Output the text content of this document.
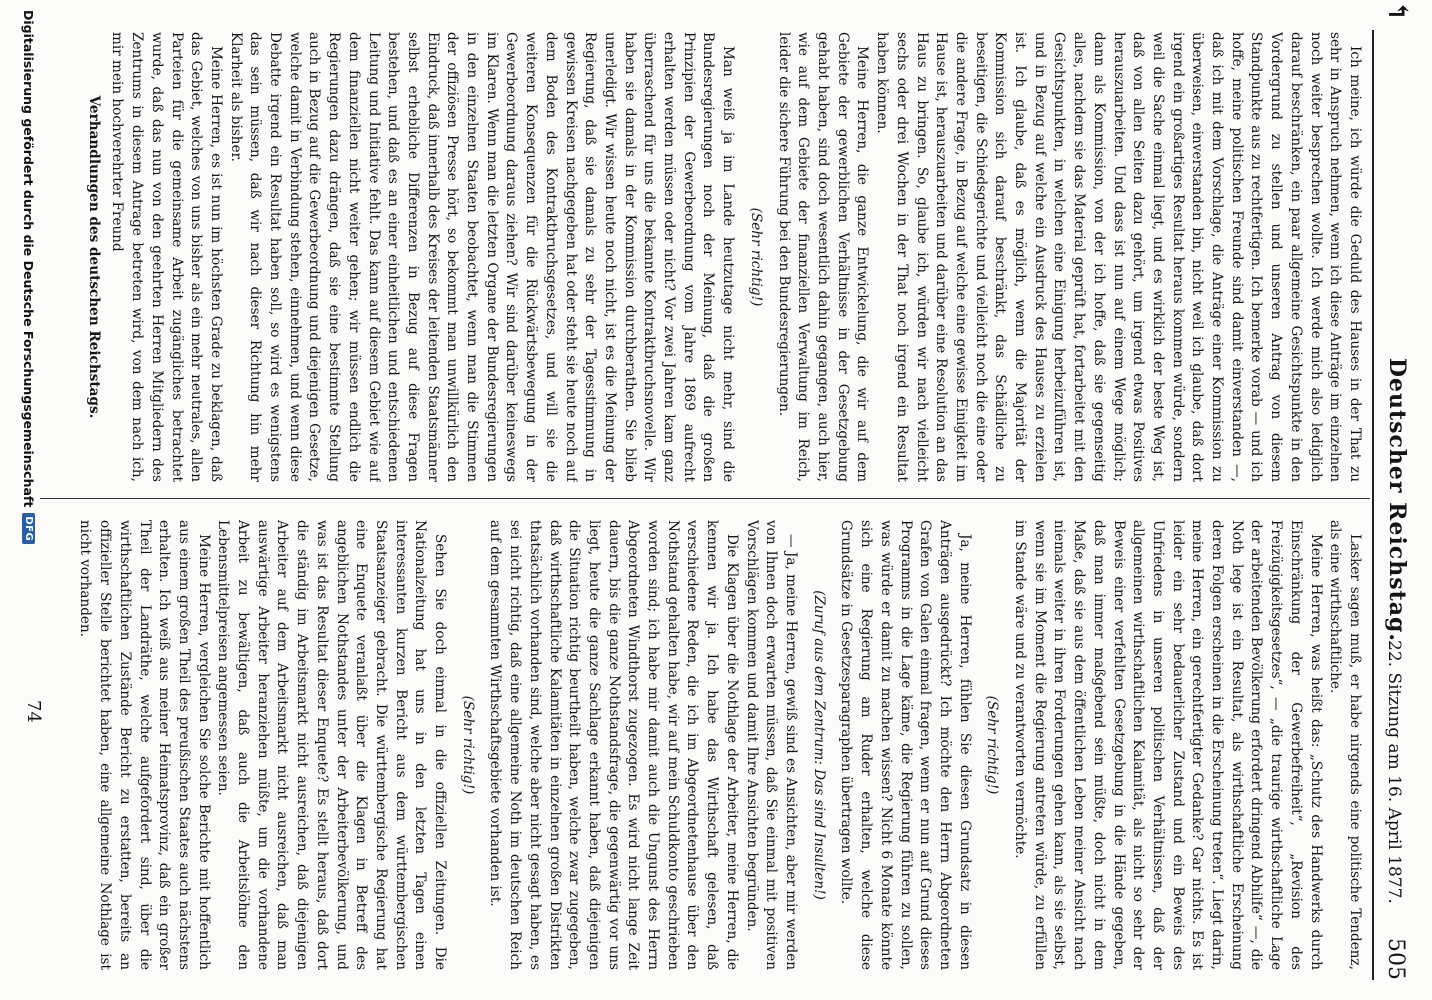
↰
Deutscher Reichstag.
22. Sitzung am 16. April 1877.
505

Ich meine, ich würde die Geduld des Hauses in der That zu sehr in Anspruch nehmen, wenn ich diese Anträge im einzelnen noch weiter besprechen wollte. Ich werde mich also lediglich darauf beschränken, ein paar allgemeine Gesichtspunkte in den Vordergrund zu stellen und unseren Antrag von diesem Standpunkte aus zu rechtfertigen. Ich bemerke vorab — und ich hoffe, meine politischen Freunde sind damit einverstanden —, daß ich mit dem Vorschlage, die Anträge einer Kommission zu überweisen, einverstanden bin, nicht weil ich glaube, daß dort irgend ein großartiges Resultat heraus kommen würde, sondern weil die Sache einmal liegt, und es wirklich der beste Weg ist, daß von allen Seiten dazu gehört, um irgend etwas Positives herauszuarbeiten. Und dass ist nun auf einem Wege möglich; dann als Kommission, von der ich hoffe, daß sie gegenseitig alles, nachdem sie das Material geprüft hat, fortarbeitet mit den Gesichtspunkten, in welchen eine Einigung herbeizuführen ist, und in Bezug auf welche ein Ausdruck des Hauses zu erzielen ist. Ich glaube, daß es möglich, wenn die Majorität der Kommission sich darauf beschränkt, das Schädliche zu beseitigen, die Schiedsgerichte und vielleicht noch die eine oder die andere Frage, in Bezug auf welche eine gewisse Einigkeit im Hause ist, herauszuarbeiten und darüber eine Resolution an das Haus zu bringen. So, glaube ich, würden wir nach vielleicht sechs oder drei Wochen in der That noch irgend ein Resultat haben können.

Meine Herren, die ganze Entwickelung, die wir auf dem Gebiete der gewerblichen Verhältnisse in der Gesetzgebung gehabt haben, sind doch wesentlich dahin gegangen, auch hier, wie auf dem Gebiete der finanziellen Verwaltung im Reich, leider die sichere Führung bei den Bundesregierungen.

(Sehr richtig!)

Man weiß ja im Lande heutzutage nicht mehr, sind die Bundesregierungen noch der Meinung, daß die großen Prinzipien der Gewerbeordnung vom Jahre 1869 aufrecht erhalten werden müssen oder nicht? Vor zwei Jahren kam ganz überraschend für uns die bekannte Kontraktbruchsnovelle. Wir haben sie damals in der Kommission durchberathen. Sie blieb unerledigt. Wir wissen heute noch nicht, ist es die Meinung der Regierung, daß sie damals zu sehr der Tagesstimmung in gewissen Kreisen nachgegeben hat oder steht sie heute noch auf dem Boden des Kontraktbruchsgesetzes, und will sie die weiteren Konsequenzen für die Rückwärtsbewegung in der Gewerbeordnung daraus ziehen? Wir sind darüber keineswegs im Klaren. Wenn man die letzten Organe der Bundesregierungen in den einzelnen Staaten beobachtet, wenn man die Stimmen der offiziösen Presse hört, so bekommt man unwillkürlich den Eindruck, daß innerhalb des Kreises der leitenden Staatsmänner selbst erhebliche Differenzen in Bezug auf diese Fragen bestehen, und daß es an einer einheitlichen und entschiedenen Leitung und Initiative fehlt. Das kann auf diesem Gebiet wie auf dem finanziellen nicht weiter gehen; wir müssen endlich die Regierungen dazu drängen, daß sie eine bestimmte Stellung auch in Bezug auf die Gewerbeordnung und diejenigen Gesetze, welche damit in Verbindung stehen, einnehmen, und wenn diese Debatte irgend ein Resultat haben soll, so wird es wenigstens das sein müssen, daß wir nach dieser Richtung hin mehr Klarheit als bisher.

Meine Herren, es ist nun im höchsten Grade zu beklagen, daß das Gebiet, welches von uns bisher als ein mehr neutrales, allen Parteien für die gemeinsame Arbeit zugängliches betrachtet wurde, daß das nun von den geehrten Herren Mitgliedern des Zentrums in diesem Antrage betreten wird, von dem nach ich, mir mein hochverehrter Freund

Verhandlungen des deutschen Reichstags.

Lasker sagen muß, er habe nirgends eine politische Tendenz, als eine wirthschaftliche.

Meine Herren, was heißt das: „Schutz des Handwerks durch Einschränkung der Gewerbefreiheit“, „Revision des Freizügigkeitsgesetzes“, — „die traurige wirthschaftliche Lage der arbeitenden Bevölkerung erfordert dringend Abhilfe“ —, die Noth lege ist ein Resultat, als wirthschaftliche Erscheinung deren Folgen erscheinen in die Erscheinung treten“. Liegt darin, meine Herren, ein gerechtfertigter Gedanke? Gar nichts. Es ist leider ein sehr bedauerlicher Zustand und ein Beweis des Unfriedens in unseren politischen Verhältnissen, daß der allgemeinen wirthschaftlichen Kalamität, als nicht so sehr der Beweis einer verfehlten Gesetzgebung in die Hände gegeben, daß man immer maßgebend sein müßte, doch nicht in dem Maße, daß sie aus dem öffentlichen Leben meiner Ansicht nach niemals weiter in ihren Forderungen gehen kann, als sie selbst, wenn sie im Moment die Regierung antreten würde, zu erfüllen im Stande wäre und zu verantworten vermöchte.

(Sehr richtig!)

Ja, meine Herren, fühlen Sie diesen Grundsatz in diesen Anträgen ausgedrückt? Ich möchte den Herrn Abgeordneten Grafen von Galen einmal fragen, wenn er nun auf Grund dieses Programms in die Lage käme, die Regierung führen zu sollen, was würde er damit zu machen wissen? Nicht 6 Monate könnte sich eine Regierung am Ruder erhalten, welche diese Grundsätze in Gesetzesparagraphen übertragen wollte.

(Zuruf aus dem Zentrum: Das sind Insulten!)

— Ja, meine Herren, gewiß sind es Ansichten, aber mir werden von Ihnen doch erwarten müssen, daß Sie einmal mit positiven Vorschlägen kommen und damit Ihre Ansichten begründen.

Die Klagen über die Nothlage der Arbeiter, meine Herren, die kennen wir ja. Ich habe das Wirthschaft gelesen, daß verschiedene Reden, die ich im Abgeordnetenhause über den Nothstand gehalten habe, wir auf mein Schuldkonto geschrieben worden sind; ich habe mir damit auch die Ungunst des Herrn Abgeordneten Windthorst zugezogen. Es wird nicht lange Zeit dauern, bis die ganze Nothstandsfrage, die gegenwärtig vor uns liegt, heute die ganze Sachlage erkannt haben, daß diejenigen die Situation richtig beurtheilt haben, welche zwar zugegeben, daß wirthschaftliche Kalamitäten in einzelnen großen Distrikten thatsächlich vorhanden sind, welche aber nicht gesagt haben, es sei nicht richtig, daß eine allgemeine Noth im deutschen Reich auf dem gesammten Wirthschaftsgebiete vorhanden ist.

(Sehr richtig!)

Sehen Sie doch einmal in die offiziellen Zeitungen. Die Nationalzeitung hat uns in den letzten Tagen einen interessanten kurzen Bericht aus dem württembergischen Staatsanzeiger gebracht. Die württembergische Regierung hat eine Enquete veranlaßt über die Klagen in Betreff des angeblichen Nothstandes unter der Arbeiterbevölkerung, und was ist das Resultat dieser Enquete? Es stellt heraus, daß dort die ständig im Arbeitsmarkt nicht ausreichen, daß diejenigen Arbeiter auf dem Arbeitsmarkt nicht ausreichen, daß man auswärtige Arbeiter heranziehen müßte, um die vorhandene Arbeit zu bewältigen, daß auch die Arbeitslöhne den Lebensmittelpreisen angemessen seien.

Meine Herren, vergleichen Sie solche Berichte mit hoffentlich aus einem großen Theil des preußischen Staates auch nächstens erhalten. Ich weiß aus meiner Heimatsprovinz, daß ein großer Theil der Landräthe, welche aufgefordert sind, über die wirthschaftlichen Zustände Bericht zu erstatten, bereits an offizieller Stelle berichtet haben, eine allgemeine Nothlage ist nicht vorhanden.

74
Digitalisierung gefördert durch die Deutsche Forschungsgemeinschaft
DFG
